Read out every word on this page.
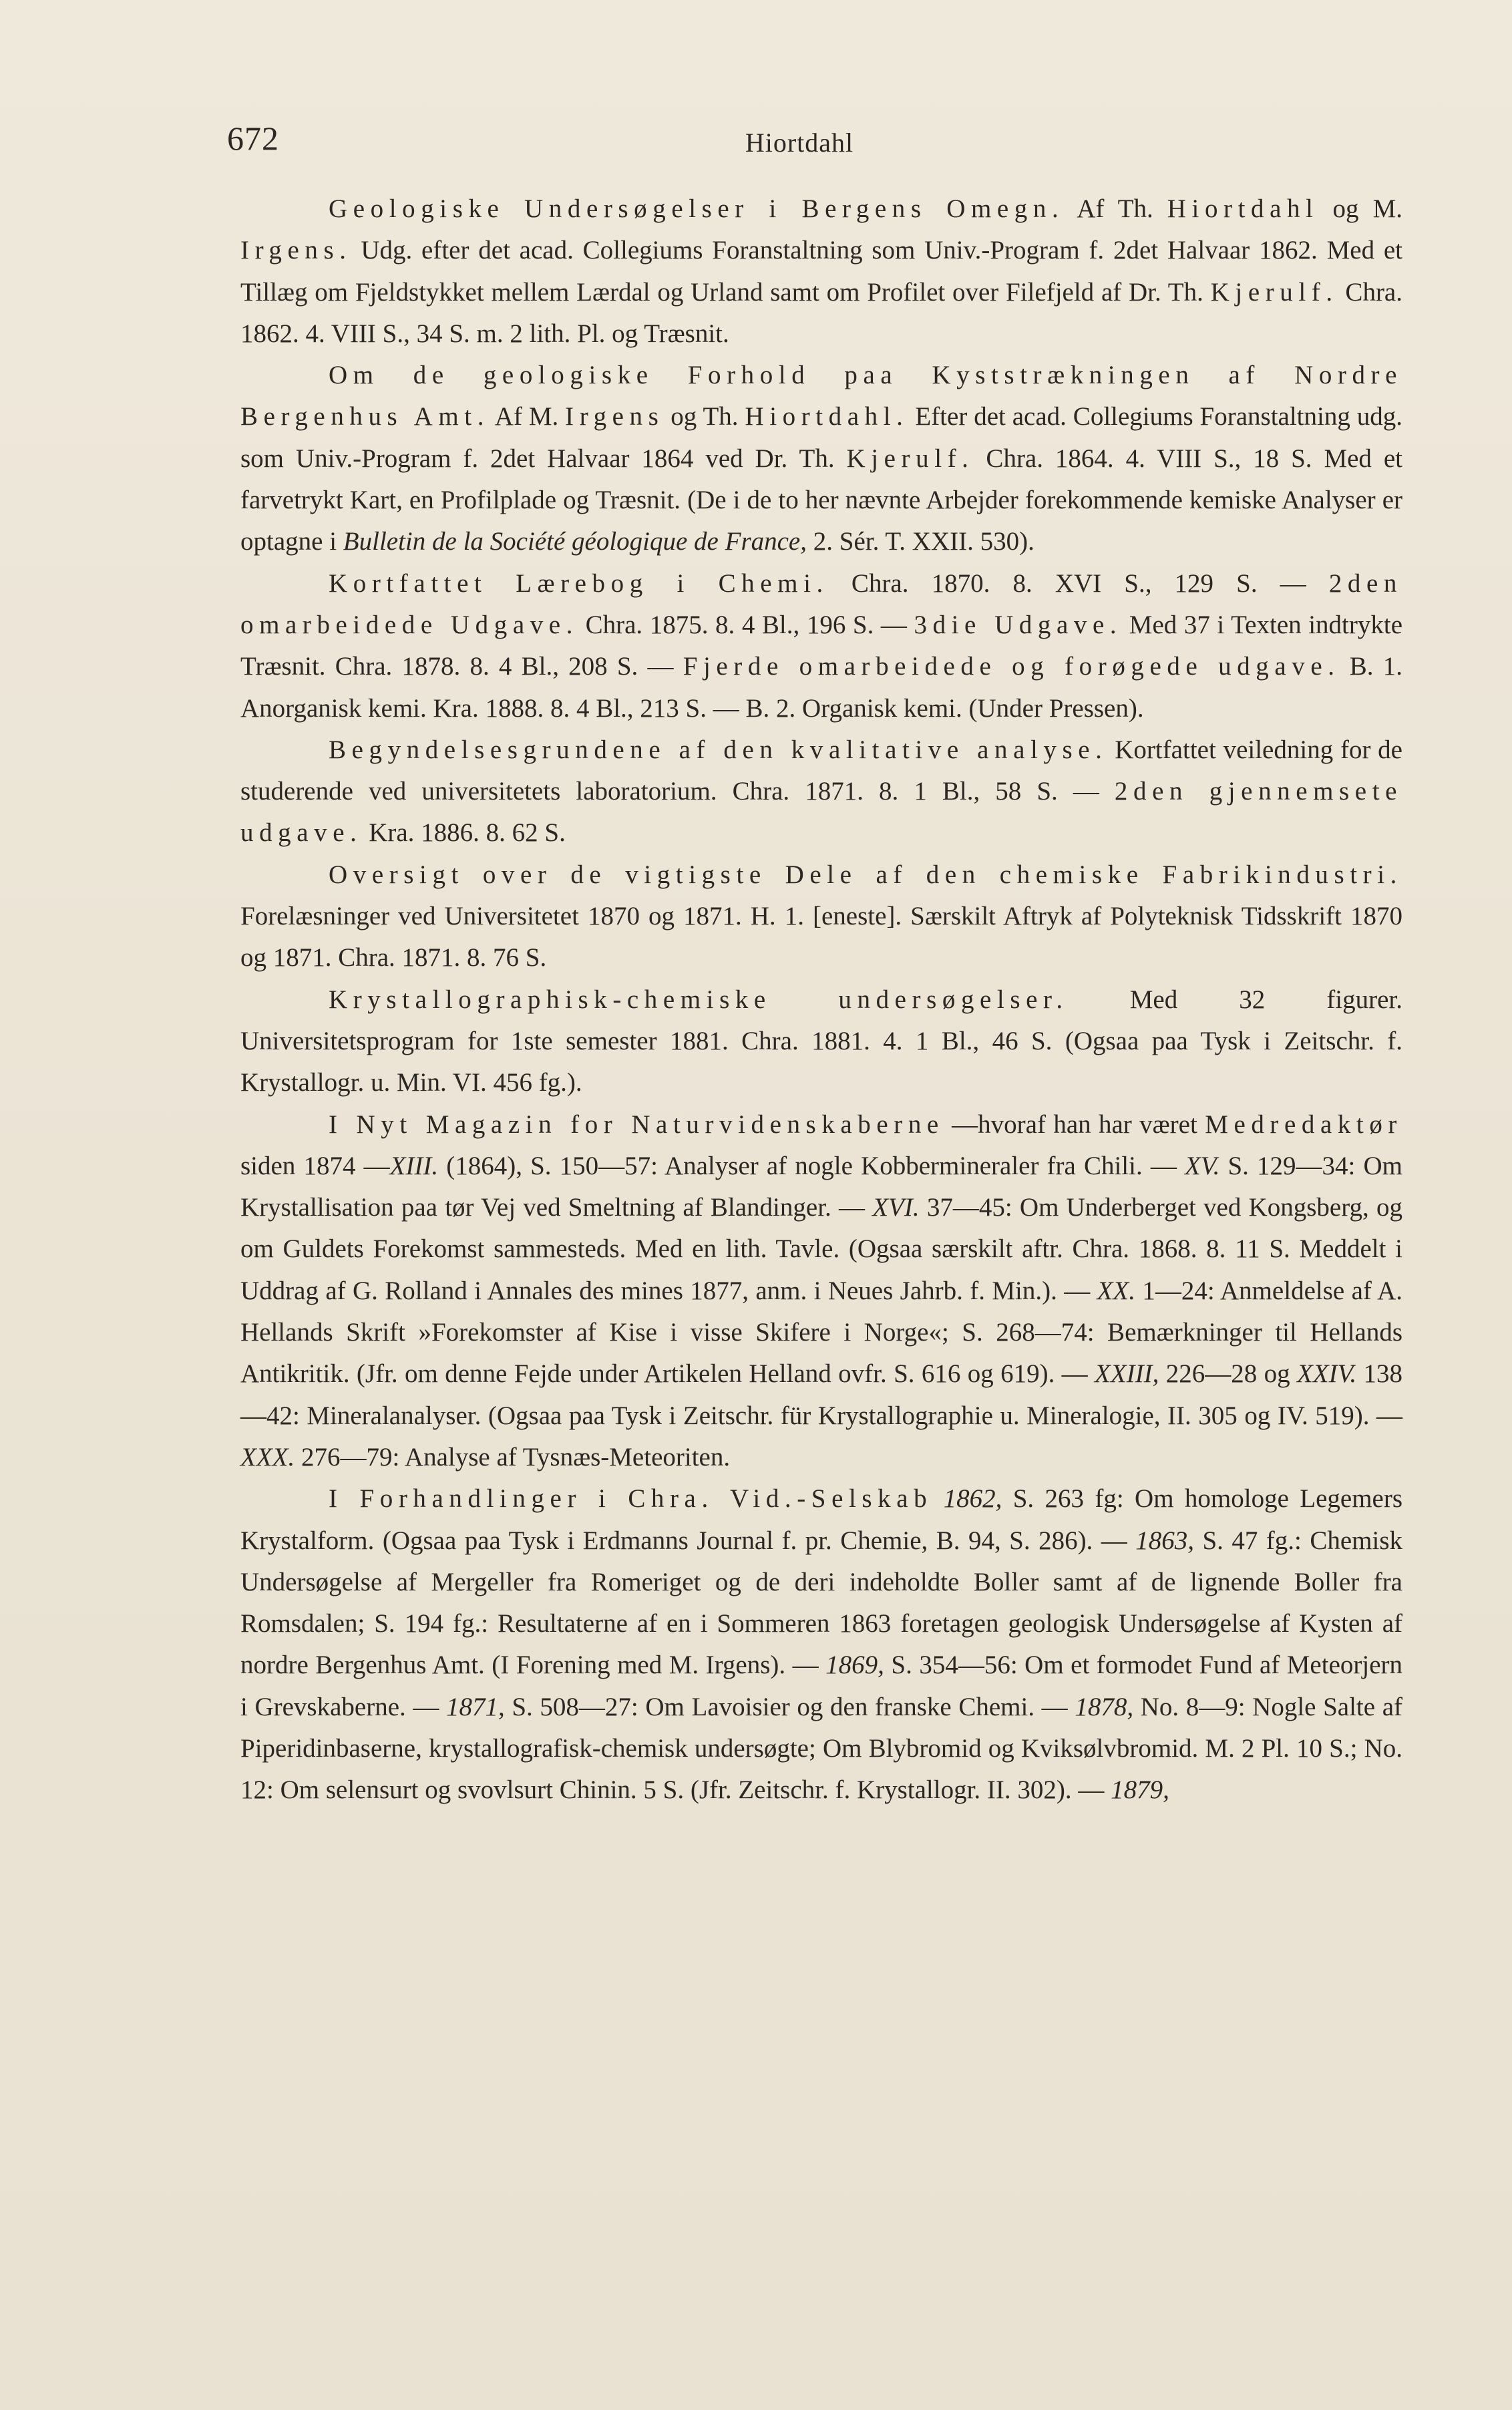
672	Hiortdahl

Geologiske Undersøgelser i Bergens Omegn. Af Th. Hiortdahl og M. Irgens. Udg. efter det acad. Collegiums Foranstaltning som Univ.-Program f. 2det Halvaar 1862. Med et Tillæg om Fjeldstykket mellem Lærdal og Urland samt om Profilet over Filefjeld af Dr. Th. Kjerulf. Chra. 1862. 4. VIII S., 34 S. m. 2 lith. Pl. og Træsnit.

Om de geologiske Forhold paa Kyststrækningen af Nordre Bergenhus Amt. Af M. Irgens og Th. Hiortdahl. Efter det acad. Collegiums Foranstaltning udg. som Univ.-Program f. 2det Halvaar 1864 ved Dr. Th. Kjerulf. Chra. 1864. 4. VIII S., 18 S. Med et farvetrykt Kart, en Profilplade og Træsnit. (De i de to her nævnte Arbejder forekommende kemiske Analyser er optagne i Bulletin de la Société géologique de France, 2. Sér. T. XXII. 530).

Kortfattet Lærebog i Chemi. Chra. 1870. 8. XVI S., 129 S. — 2den omarbeidede Udgave. Chra. 1875. 8. 4 Bl., 196 S. — 3die Udgave. Med 37 i Texten indtrykte Træsnit. Chra. 1878. 8. 4 Bl., 208 S. — Fjerde omarbeidede og forøgede udgave. B. 1. Anorganisk kemi. Kra. 1888. 8. 4 Bl., 213 S. — B. 2. Organisk kemi. (Under Pressen).

Begyndelsesgrundene af den kvalitative analyse. Kortfattet veiledning for de studerende ved universitetets laboratorium. Chra. 1871. 8. 1 Bl., 58 S. — 2den gjennemsete udgave. Kra. 1886. 8. 62 S.

Oversigt over de vigtigste Dele af den chemiske Fabrikindustri. Forelæsninger ved Universitetet 1870 og 1871. H. 1. [eneste]. Særskilt Aftryk af Polyteknisk Tidsskrift 1870 og 1871. Chra. 1871. 8. 76 S.

Krystallographisk-chemiske undersøgelser. Med 32 figurer. Universitetsprogram for 1ste semester 1881. Chra. 1881. 4. 1 Bl., 46 S. (Ogsaa paa Tysk i Zeitschr. f. Krystallogr. u. Min. VI. 456 fg.).

I Nyt Magazin for Naturvidenskaberne —hvoraf han har været Medredaktør siden 1874 —XIII. (1864), S. 150—57: Analyser af nogle Kobbermineraler fra Chili. — XV. S. 129—34: Om Krystallisation paa tør Vej ved Smeltning af Blandinger. — XVI. 37—45: Om Underberget ved Kongsberg, og om Guldets Forekomst sammesteds. Med en lith. Tavle. (Ogsaa særskilt aftr. Chra. 1868. 8. 11 S. Meddelt i Uddrag af G. Rolland i Annales des mines 1877, anm. i Neues Jahrb. f. Min.). — XX. 1—24: Anmeldelse af A. Hellands Skrift »Forekomster af Kise i visse Skifere i Norge«; S. 268—74: Bemærkninger til Hellands Antikritik. (Jfr. om denne Fejde under Artikelen Helland ovfr. S. 616 og 619). — XXIII, 226—28 og XXIV. 138—42: Mineralanalyser. (Ogsaa paa Tysk i Zeitschr. für Krystallographie u. Mineralogie, II. 305 og IV. 519). — XXX. 276—79: Analyse af Tysnæs-Meteoriten.

I Forhandlinger i Chra. Vid.-Selskab 1862, S. 263 fg: Om homologe Legemers Krystalform. (Ogsaa paa Tysk i Erdmanns Journal f. pr. Chemie, B. 94, S. 286). — 1863, S. 47 fg.: Chemisk Undersøgelse af Mergeller fra Romeriget og de deri indeholdte Boller samt af de lignende Boller fra Romsdalen; S. 194 fg.: Resultaterne af en i Sommeren 1863 foretagen geologisk Undersøgelse af Kysten af nordre Bergenhus Amt. (I Forening med M. Irgens). — 1869, S. 354—56: Om et formodet Fund af Meteorjern i Grevskaberne. — 1871, S. 508—27: Om Lavoisier og den franske Chemi. — 1878, No. 8—9: Nogle Salte af Piperidinbaserne, krystallografisk-chemisk undersøgte; Om Blybromid og Kviksølvbromid. M. 2 Pl. 10 S.; No. 12: Om selensurt og svovlsurt Chinin. 5 S. (Jfr. Zeitschr. f. Krystallogr. II. 302). — 1879,
